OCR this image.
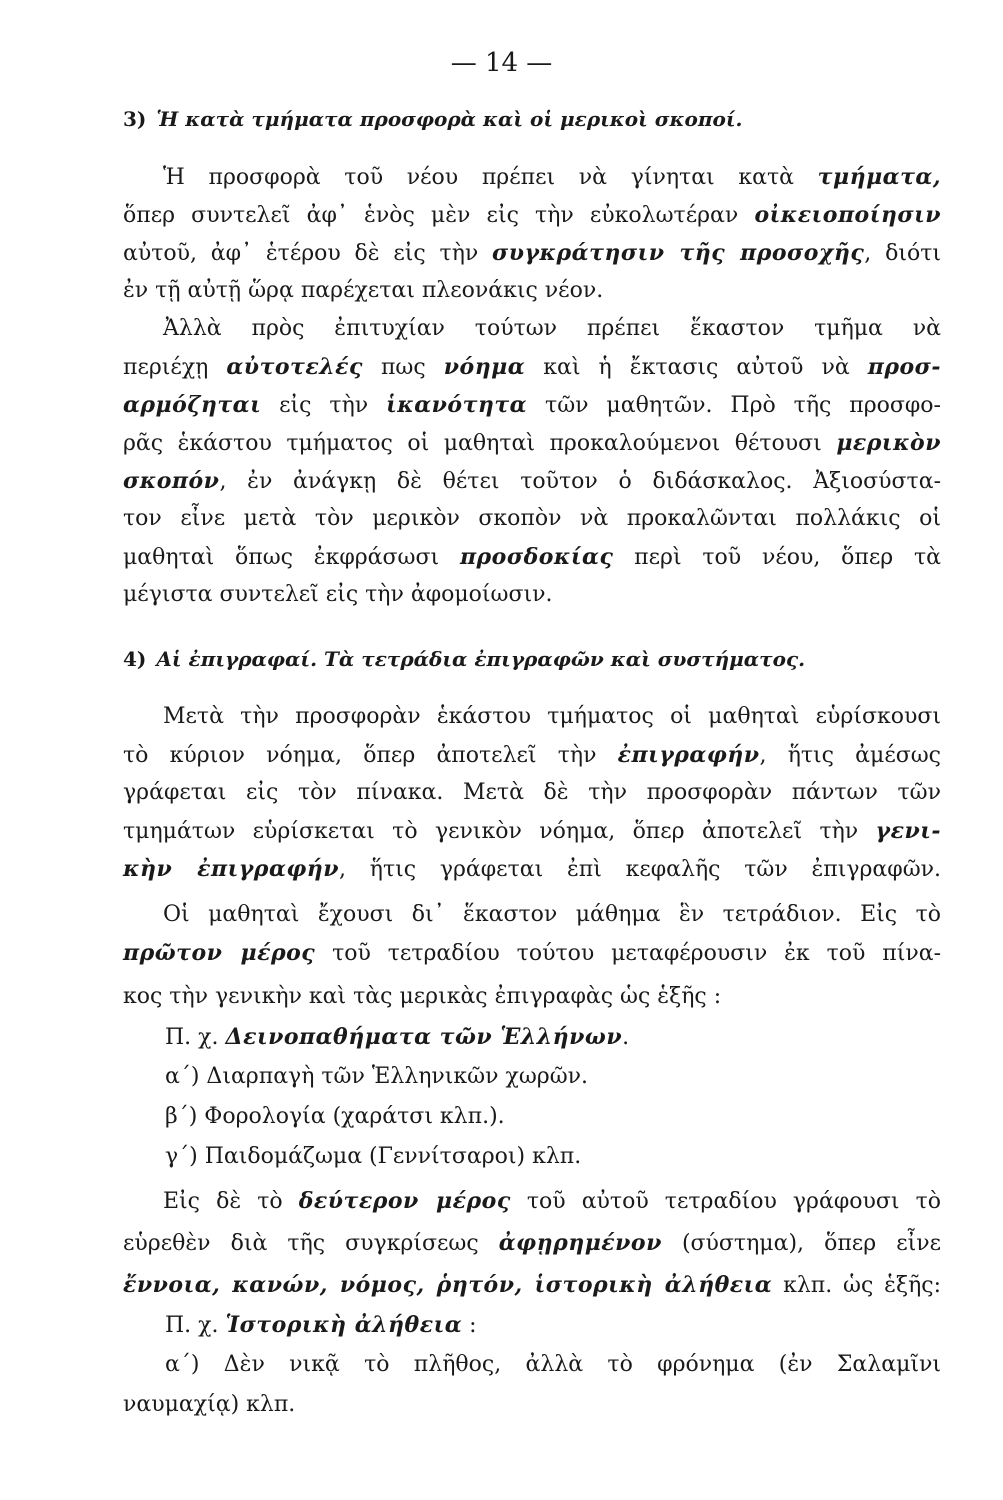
— 14 —
3) Ἡ κατὰ τμήματα προσφορὰ καὶ οἱ μερικοὶ σκοποί.
Ἡ προσφορὰ τοῦ νέου πρέπει νὰ γίνηται κατὰ τμήματα,
ὅπερ συντελεῖ ἀφ᾽ ἑνὸς μὲν εἰς τὴν εὐκολωτέραν οἰκειοποίησιν
αὐτοῦ, ἀφ᾽ ἑτέρου δὲ εἰς τὴν συγκράτησιν τῆς προσοχῆς, διότι
ἐν τῇ αὐτῇ ὥρᾳ παρέχεται πλεονάκις νέον.
Ἀλλὰ πρὸς ἐπιτυχίαν τούτων πρέπει ἕκαστον τμῆμα νὰ
περιέχῃ αὐτοτελές πως νόημα καὶ ἡ ἔκτασις αὐτοῦ νὰ προσ-
αρμόζηται εἰς τὴν ἱκανότητα τῶν μαθητῶν. Πρὸ τῆς προσφο-
ρᾶς ἑκάστου τμήματος οἱ μαθηταὶ προκαλούμενοι θέτουσι μερικὸν
σκοπόν, ἐν ἀνάγκῃ δὲ θέτει τοῦτον ὁ διδάσκαλος. Ἀξιοσύστα-
τον εἶνε μετὰ τὸν μερικὸν σκοπὸν νὰ προκαλῶνται πολλάκις οἱ
μαθηταὶ ὅπως ἐκφράσωσι προσδοκίας περὶ τοῦ νέου, ὅπερ τὰ
μέγιστα συντελεῖ εἰς τὴν ἀφομοίωσιν.
4) Αἱ ἐπιγραφαί. Τὰ τετράδια ἐπιγραφῶν καὶ συστήματος.
Μετὰ τὴν προσφορὰν ἑκάστου τμήματος οἱ μαθηταὶ εὑρίσκουσι
τὸ κύριον νόημα, ὅπερ ἀποτελεῖ τὴν ἐπιγραφήν, ἥτις ἀμέσως
γράφεται εἰς τὸν πίνακα. Μετὰ δὲ τὴν προσφορὰν πάντων τῶν
τμημάτων εὑρίσκεται τὸ γενικὸν νόημα, ὅπερ ἀποτελεῖ τὴν γενι-
κὴν ἐπιγραφήν, ἥτις γράφεται ἐπὶ κεφαλῆς τῶν ἐπιγραφῶν.
Οἱ μαθηταὶ ἔχουσι δι᾽ ἕκαστον μάθημα ἓν τετράδιον. Εἰς τὸ
πρῶτον μέρος τοῦ τετραδίου τούτου μεταφέρουσιν ἐκ τοῦ πίνα-
κος τὴν γενικὴν καὶ τὰς μερικὰς ἐπιγραφὰς ὡς ἑξῆς :
Π. χ. Δεινοπαθήματα τῶν Ἑλλήνων.
α΄) Διαρπαγὴ τῶν Ἑλληνικῶν χωρῶν.
β΄) Φορολογία (χαράτσι κλπ.).
γ΄) Παιδομάζωμα (Γεννίτσαροι) κλπ.
Εἰς δὲ τὸ δεύτερον μέρος τοῦ αὐτοῦ τετραδίου γράφουσι τὸ
εὑρεθὲν διὰ τῆς συγκρίσεως ἀφῃρημένον (σύστημα), ὅπερ εἶνε
ἔννοια, κανών, νόμος, ῥητόν, ἱστορικὴ ἀλήθεια κλπ. ὡς ἑξῆς:
Π. χ. Ἱστορικὴ ἀλήθεια :
α΄) Δὲν νικᾷ τὸ πλῆθος, ἀλλὰ τὸ φρόνημα (ἐν Σαλαμῖνι
ναυμαχίᾳ) κλπ.
